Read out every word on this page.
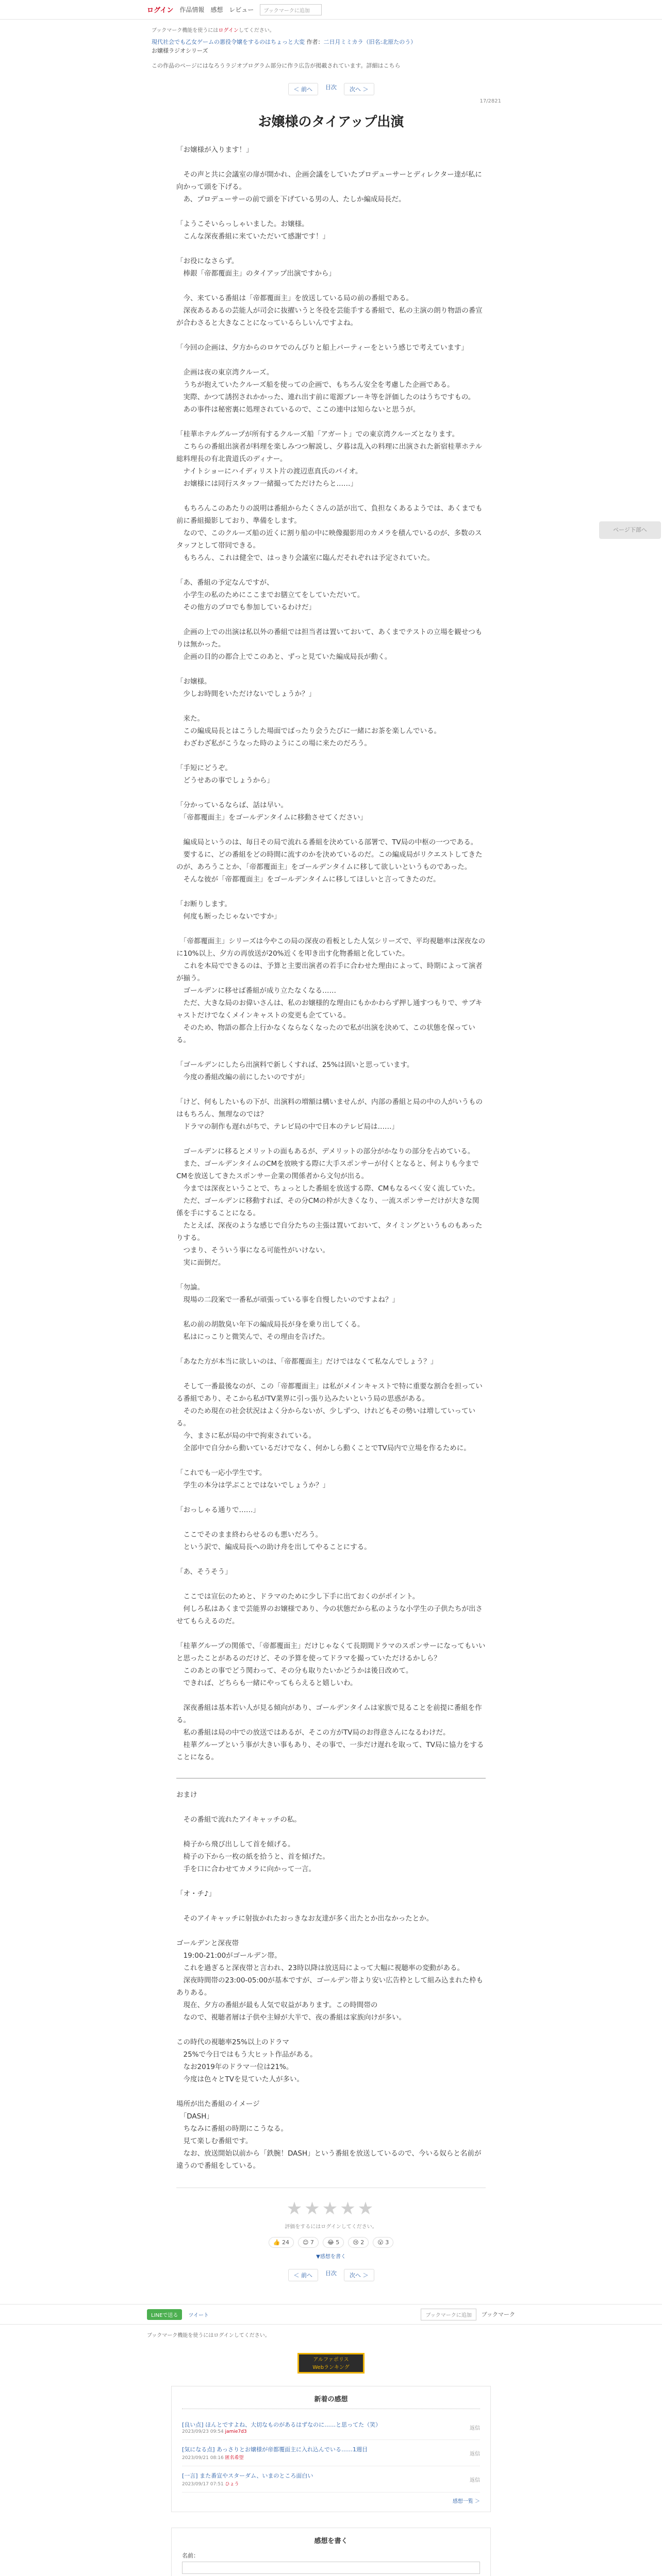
ログイン 作品情報 感想 レビュー	ブックマークに追加
ブックマーク機能を使うにはログインしてください。
現代社会でも乙女ゲームの悪役令嬢をするのはちょっと大変 作者：二日月ミミカラ（旧名:北原たのう）
お嬢様ラジオシリーズ
この作品のページにはなろうラジオプログラム部分に作ラ広告が掲載されています。詳細はこちら
＜ 前へ	目次	次へ ＞
17/2821
お嬢様のタイアップ出演

「お嬢様が入ります！」

　その声と共に会議室の扉が開かれ、企画会議をしていたプロデューサーとディレクター達が私に向かって頭を下げる。
　あ、プロデューサーの前で頭を下げている男の人、たしか編成局長だ。

「ようこそいらっしゃいました。お嬢様。
　こんな深夜番組に来ていただいて感謝です！」

「お役になさらず。
　棒銀「帝都覆面主」のタイアップ出演ですから」

　今、来ている番組は「帝都覆面主」を放送している局の前の番組である。
　深夜あるあるの芸能人が司会に抜擢いうと冬役を芸能手する番組で、私の主演の朗り物語の番宣が合わさると大きなことになっているらしいんですよね。

「今回の企画は、夕方からのロケでのんびりと船上パーティーをという感じで考えています」

　企画は夜の東京湾クルーズ。
　うちが抱えていたクルーズ船を使っての企画で、もちろん安全を考慮した企画である。
　実際、かつて誘拐されかかった、連れ出す前に電源ブレーキ等を評価したのはうちですもの。
　あの事件は秘密裏に処理されているので、ここの連中は知らないと思うが。

「桂華ホテルグループが所有するクルーズ船「アガート」での東京湾クルーズとなります。
　こちらの番組出演者が料理を楽しみつつ解説し、夕暮は乱入の料理に出演された新宿桂華ホテル総料理長の有北貴道氏のディナー。
　ナイトショーにハイディリスト片の渡辺恵真氏のバイオ。
　お嬢様には同行スタッフ一緒撮ってただけたらと……」

　もちろんこのあたりの説明は番組からたくさんの話が出て、負担なくあるようでは、あくまでも前に番組撮影しており、準備をします。
　なので、このクルーズ船の近くに割り船の中に映像撮影用のカメラを積んでいるのが、多数のスタッフとして帯同できる。
　もちろん、これは健全で、はっきり会議室に臨んだそれぞれは予定されていた。

「あ、番組の予定なんですが、
　小学生の私のためにここまでお膳立てをしていただいて。
　その他方のプロでも参加しているわけだ」

　企画の上での出演は私以外の番組では担当者は置いておいて、あくまでテストの立場を観せつもりは無かった。
　企画の目的の都合上でこのあと、ずっと見ていた編成局長が動く。

「お嬢様。
　少しお時間をいただけないでしょうか？」

　来た。
　この編成局長とはこうした場面でばったり会うたびに一緒にお茶を楽しんでいる。
　わざわざ私がこうなった時のようにこの場に来たのだろう。

「手短にどうぞ。
　どうせあの事でしょうから」

「分かっているならば、話は早い。
　「帝都覆面主」をゴールデンタイムに移動させてください」

　編成局というのは、毎日その局で流れる番組を決めている部署で、TV局の中枢の一つである。
　要するに、どの番組をどの時間に流すのかを決めているのだ。この編成局がリクエストしてきたのが、あろうことか、「帝都覆面主」をゴールデンタイムに移して欲しいというものであった。
　そんな彼が「帝都覆面主」をゴールデンタイムに移してほしいと言ってきたのだ。

「お断りします。
　何度も断ったじゃないですか」

　「帝都覆面主」シリーズは今やこの局の深夜の看板とした人気シリーズで、平均視聴率は深夜なのに10%以上、夕方の再放送が20%近くを叩き出す化物番組と化していた。
　これを本局でできるのは、予算と主要出演者の若手に合わせた理由によって、時期によって演者が揃う。
　ゴールデンに移せば番組が成り立たなくなる……
　ただ、大きな局のお偉いさんは、私のお嬢様的な理由にもかかわらず押し通すつもりで、サブキャストだけでなくメインキャストの変更も企てている。
　そのため、物語の都合上行かなくならなくなったので私が出演を決めて、この状態を保っている。

「ゴールデンにしたら出演料で新しくすれば、25%は固いと思っています。
　今度の番組改編の前にしたいのですが」

「けど、何もしたいもの下が、出演料の増額は構いませんが、内部の番組と局の中の人がいうものはもちろん、無理なのでは？
　ドラマの制作も遅れがちで、テレビ局の中で日本のテレビ局は……」

　ゴールデンに移るとメリットの面もあるが、デメリットの部分がかなりの部分を占めている。
　また、ゴールデンタイムのCMを放映する際に大手スポンサーが付くとなると、何よりも今までCMを放送してきたスポンサー企業の関係者から文句が出る。
　今までは深夜ということで、ちょっとした番組を放送する際、CMもなるべく安く流していた。
　ただ、ゴールデンに移動すれば、その分CMの枠が大きくなり、一流スポンサーだけが大きな関係を手にすることになる。
　たとえば、深夜のような感じで自分たちの主張は置いておいて、タイミングというものもあったりする。
　つまり、そういう事になる可能性がいけない。
　実に面倒だ。

「勿論。
　現場の二段案で一番私が頑張っている事を自慢したいのですよね？」

　私の前の胡散臭い年下の編成局長が身を乗り出してくる。
　私はにっこりと微笑んで、その理由を告げた。

「あなた方が本当に欲しいのは、「帝都覆面主」だけではなくて私なんでしょう？」

　そして一番最後なのが、この「帝都覆面主」は私がメインキャストで特に重要な割合を担っている番組であり、そこから私がTV業界に引っ張り込みたいという局の思惑がある。
　そのため現在の社会状況はよく分からないが、少しずつ、けれどもその勢いは増していっている。
　今、まさに私が局の中で拘束されている。
　全部中で自分から動いているだけでなく、何かしら動くことでTV局内で立場を作るために。

「これでも一応小学生です。
　学生の本分は学ぶことではないでしょうか？」

「おっしゃる通りで……」

　ここでそのまま終わらせるのも悪いだろう。
　という訳で、編成局長への助け舟を出してやることにする。

「あ、そうそう」

　ここでは宣伝のためと、ドラマのために少し下手に出ておくのがポイント。
　何しろ私はあくまで芸能界のお嬢様であり、今の状態だから私のような小学生の子供たちが出させてもらえるのだ。

「桂華グループの関係で、「帝都覆面主」だけじゃなくて長期間ドラマのスポンサーになってもいいと思ったことがあるのだけど、その予算を使ってドラマを撮っていただけるかしら？
　このあとの事でどう関わって、その分も取りたいかどうかは後日改めて。
　できれば、どちらも一緒にやってもらえると嬉しいわ。

　深夜番組は基本若い人が見る傾向があり、ゴールデンタイムは家族で見ることを前提に番組を作る。
　私の番組は局の中での放送ではあるが、そこの方がTV局のお得意さんになるわけだ。
　桂華グループという事が大きい事もあり、その事で、一歩だけ遅れを取って、TV局に協力をすることになる。

おまけ

　その番組で流れたアイキャッチの私。

　椅子から飛び出しして首を傾げる。
　椅子の下から一枚の紙を拾うと、首を傾げた。
　手を口に合わせてカメラに向かって一言。

「オ・チ♪」

　そのアイキャッチに射抜かれたおっきなお友達が多く出たとか出なかったとか。

ゴールデンと深夜帯
　19:00-21:00がゴールデン帯。
　これを過ぎると深夜帯と言われ、23時以降は放送局によって大幅に視聴率の変動がある。
　深夜時間帯の23:00-05:00が基本ですが、ゴールデン帯より安い広告枠として組み込まれた枠もありある。
　現在、夕方の番組が最も人気で収益があります。この時間帯の
　なので、視聴者層は子供や主婦が大半で、夜の番組は家族向けが多い。

この時代の視聴率25%以上のドラマ
　25%で今日ではもう大ヒット作品がある。
　なお2019年のドラマ一位は21%。
　今度は色々とTVを見ていた人が多い。

場所が出た番組のイメージ
　「DASH」
　ちなみに番組の時期にこうなる。
　見て楽しむ番組です。
　なお、放送開始以前から「鉄腕！DASH」という番組を放送しているので、今いる奴らと名前が違うので番組をしている。

★★★★★
評価をするにはログインしてください。
👍 24	😊 7	😂 5	😢 2	😮 3
▼感想を書く
＜ 前へ	目次	次へ ＞
LINEで送る	ツイート	ブックマークに追加	ブックマーク
ブックマーク機能を使うにはログインしてください。
アルファポリス
Webランキング
新着の感想
[良い点] ほんとですよね、大切なものがあるはずなのに……と思ってた（笑）
2023/09/23 09:54 jamie7d3
返信
[気になる点] あっさりとお嬢様が帝都覆面主に入れ込んでいる……1週目
2023/09/21 08:16 匿名希望
返信
[一言] また番宣やスターダム、いまのところ面白い
2023/09/17 07:51 ひょう
返信
感想一覧 ＞
感想を書く
名前：
ページ下部へ
